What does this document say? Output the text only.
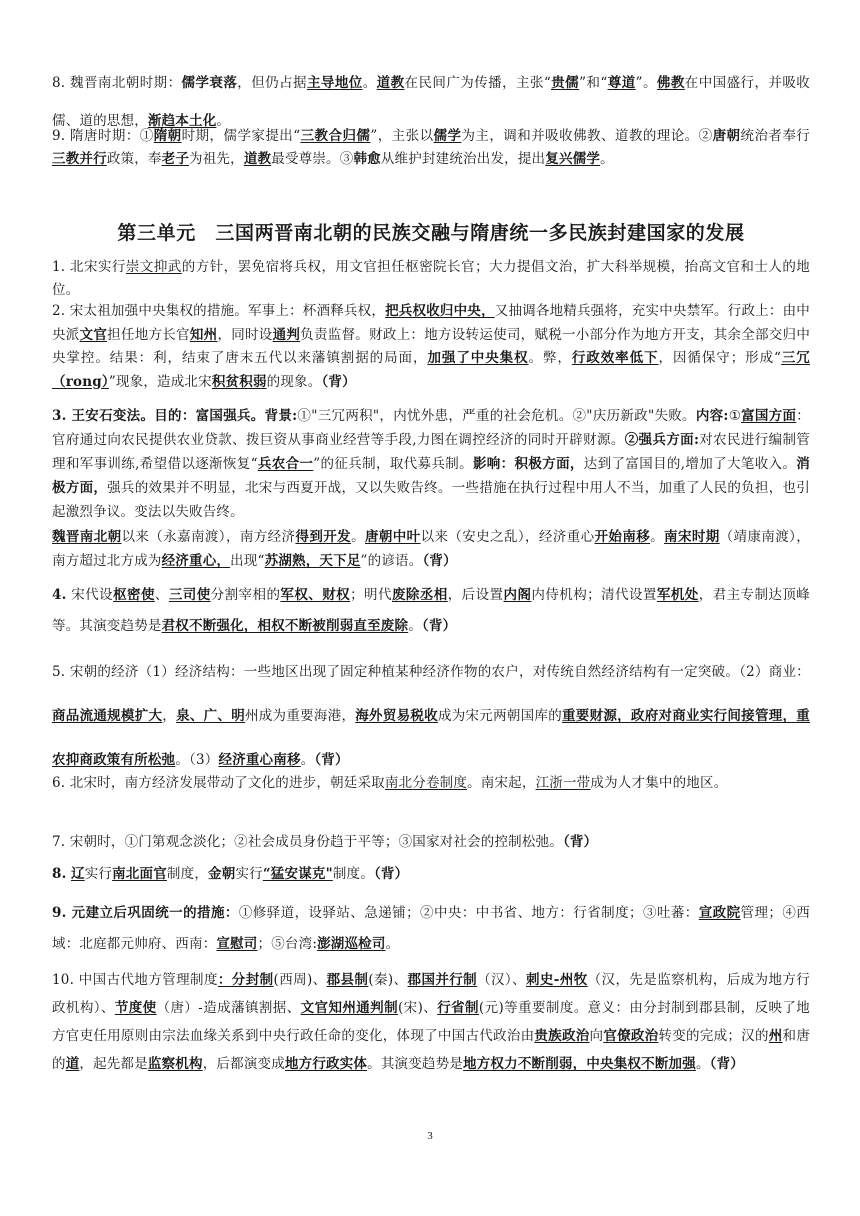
8. 魏晋南北朝时期：儒学衰落，但仍占据主导地位。道教在民间广为传播，主张“贵儒”和“尊道”。佛教在中国盛行，并吸收儒、道的思想，渐趋本土化。
9. 隋唐时期：①隋朝时期，儒学家提出“三教合归儒”，主张以儒学为主，调和并吸收佛教、道教的理论。②唐朝统治者奉行三教并行政策，奉老子为祖先，道教最受尊崇。③韩愈从维护封建统治出发，提出复兴儒学。
第三单元　三国两晋南北朝的民族交融与隋唐统一多民族封建国家的发展
1. 北宋实行崇文抑武的方针，罢免宿将兵权，用文官担任枢密院长官；大力提倡文治，扩大科举规模，抬高文官和士人的地位。
2. 宋太祖加强中央集权的措施。军事上：杯酒释兵权，把兵权收归中央，又抽调各地精兵强将，充实中央禁军。行政上：由中央派文官担任地方长官知州，同时设通判负责监督。财政上：地方设转运使司，赋税一小部分作为地方开支，其余全部交归中央掌控。结果：利，结束了唐末五代以来藩镇割据的局面，加强了中央集权。弊，行政效率低下，因循保守；形成“三冗（rong）”现象，造成北宋积贫积弱的现象。（背）
3. 王安石变法。目的：富国强兵。背景:①"三冗两积"，内忧外患，严重的社会危机。②"庆历新政"失败。内容:①富国方面：官府通过向农民提供农业贷款、拨巨资从事商业经营等手段,力图在调控经济的同时开辟财源。②强兵方面:对农民进行编制管理和军事训练,希望借以逐渐恢复“兵农合一”的征兵制，取代募兵制。影响：积极方面，达到了富国目的,增加了大笔收入。消极方面，强兵的效果并不明显，北宋与西夏开战，又以失败告终。一些措施在执行过程中用人不当，加重了人民的负担，也引起激烈争议。变法以失败告终。
魏晋南北朝以来（永嘉南渡），南方经济得到开发。唐朝中叶以来（安史之乱），经济重心开始南移。南宋时期（靖康南渡），南方超过北方成为经济重心，出现“苏湖熟，天下足”的谚语。（背）
4. 宋代设枢密使、三司使分割宰相的军权、财权；明代废除丞相，后设置内阁内侍机构；清代设置军机处，君主专制达顶峰等。其演变趋势是君权不断强化，相权不断被削弱直至废除。（背）
5. 宋朝的经济（1）经济结构：一些地区出现了固定种植某种经济作物的农户，对传统自然经济结构有一定突破。（2）商业：商品流通规模扩大，泉、广、明州成为重要海港，海外贸易税收成为宋元两朝国库的重要财源，政府对商业实行间接管理，重农抑商政策有所松弛。（3）经济重心南移。（背）
6. 北宋时，南方经济发展带动了文化的进步，朝廷采取南北分卷制度。南宋起，江浙一带成为人才集中的地区。
7. 宋朝时，①门第观念淡化；②社会成员身份趋于平等；③国家对社会的控制松弛。（背）
8. 辽实行南北面官制度，金朝实行“猛安谋克"制度。（背）
9. 元建立后巩固统一的措施：①修驿道，设驿站、急递铺；②中央：中书省、地方：行省制度；③吐蕃：宣政院管理；④西域：北庭都元帅府、西南：宣慰司；⑤台湾:澎湖巡检司。
10. 中国古代地方管理制度：分封制(西周)、郡县制(秦)、郡国并行制（汉）、刺史-州牧（汉，先是监察机构，后成为地方行政机构）、节度使（唐）-造成藩镇割据、文官知州通判制(宋)、行省制(元)等重要制度。意义：由分封制到郡县制，反映了地方官吏任用原则由宗法血缘关系到中央行政任命的变化，体现了中国古代政治由贵族政治向官僚政治转变的完成；汉的州和唐的道，起先都是监察机构，后都演变成地方行政实体。其演变趋势是地方权力不断削弱，中央集权不断加强。（背）
3
